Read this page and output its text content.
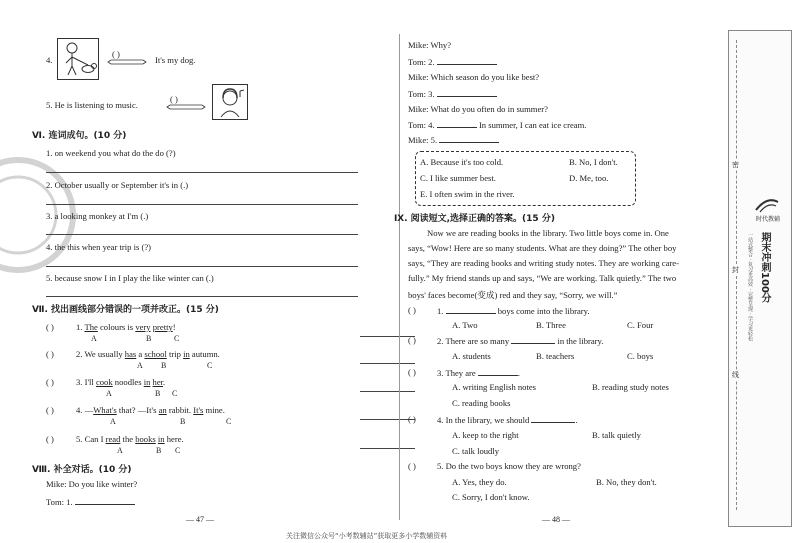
4.
( )
It's my dog.
5. He is listening to music.
( )
Ⅵ. 连词成句。(10 分)
1. on weekend you what do the do (?)
2. October usually or September it's in (.)
3. a looking monkey at I'm (.)
4. the this when year trip is (?)
5. because snow I in I play the like winter can (.)
Ⅶ. 找出画线部分错误的一项并改正。(15 分)
( )	1. The colours is very pretty!
A	B	C
( )	2. We usually has a school trip in autumn.
A B	C
( )	3. I'll cook noodles in her.
A	B C
( )	4. —What's that? —It's an rabbit. It's mine.
A	B	C
( )	5. Can I read the books in here.
A	B C
Ⅷ. 补全对话。(10 分)
Mike: Do you like winter?
Tom: 1.
— 47 —
Mike: Why?
Tom: 2.
Mike: Which season do you like best?
Tom: 3.
Mike: What do you often do in summer?
Tom: 4.	In summer, I can eat ice cream.
Mike: 5.
A. Because it's too cold.	B. No, I don't.
C. I like summer best.	D. Me, too.
E. I often swim in the river.
Ⅸ. 阅读短文,选择正确的答案。(15 分)
Now we are reading books in the library. Two little boys come in. One
says, “Wow! Here are so many students. What are they doing?” The other boy
says, “They are reading books and writing study notes. They are working care-
fully.” My friend stands up and says, “We are working. Talk quietly.” The two
boys' faces become(变成) red and they say, “Sorry, we will.”
( ) 1.	boys come into the library.
A. Two	B. Three	C. Four
( ) 2. There are so many	in the library.
A. students	B. teachers	C. boys
( ) 3. They are	.
A. writing English notes	B. reading study notes
C. reading books
( ) 4. In the library, we should	.
A. keep to the right	B. talk quietly
C. talk loudly
( ) 5. Do the two boys know they are wrong?
A. Yes, they do.	B. No, they don't.
C. Sorry, I don't know.
— 48 —
关注微信公众号“小考数辅站”获取更多小学数辅资料
密
封
线
时代教辅
期末冲刺100分
一站式整合 · 复习更高效 · 完整呈现 · 学习更轻松
